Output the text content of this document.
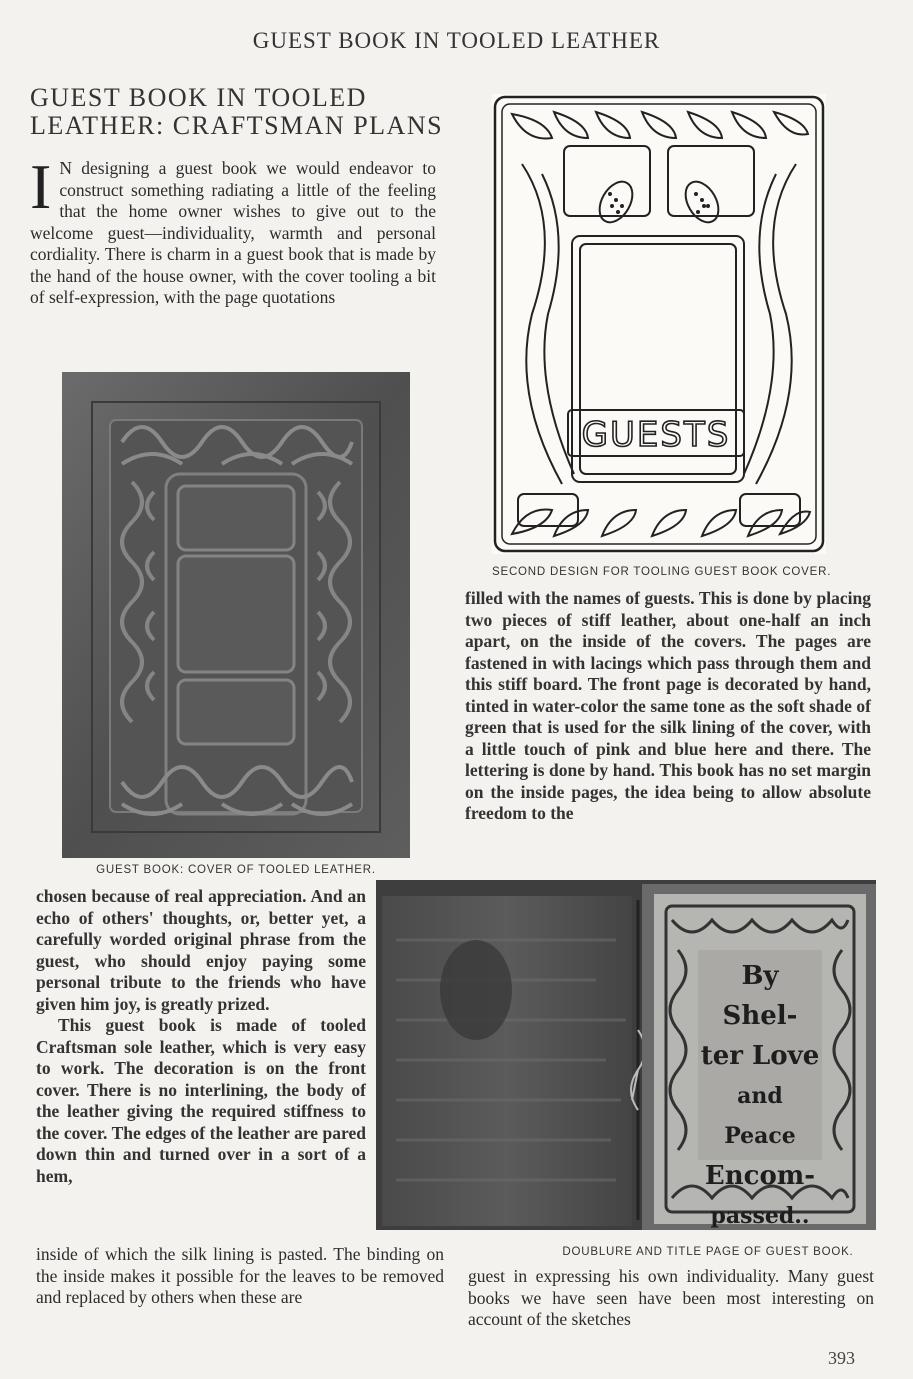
GUEST BOOK IN TOOLED LEATHER
GUEST BOOK IN TOOLED
LEATHER: CRAFTSMAN PLANS
I N designing a guest book we would endeavor to construct something radiating a little of the feeling that the home owner wishes to give out to the welcome guest—individuality, warmth and personal cordiality. There is charm in a guest book that is made by the hand of the house owner, with the cover tooling a bit of self-expression, with the page quotations
GUEST BOOK: COVER OF TOOLED LEATHER.
GUESTS
SECOND DESIGN FOR TOOLING GUEST BOOK COVER.
filled with the names of guests. This is done by placing two pieces of stiff leather, about one-half an inch apart, on the inside of the covers. The pages are fastened in with lacings which pass through them and this stiff board. The front page is decorated by hand, tinted in water-color the same tone as the soft shade of green that is used for the silk lining of the cover, with a little touch of pink and blue here and there. The lettering is done by hand. This book has no set margin on the inside pages, the idea being to allow absolute freedom to the

chosen because of real appreciation. And an echo of others' thoughts, or, better yet, a carefully worded original phrase from the guest, who should enjoy paying some personal tribute to the friends who have given him joy, is greatly prized.

This guest book is made of tooled Craftsman sole leather, which is very easy to work. The decoration is on the front cover. There is no interlining, the body of the leather giving the required stiffness to the cover. The edges of the leather are pared down thin and turned over in a sort of a hem,

By Shel-
ter Love
and Peace
Encom-
passed..
DOUBLURE AND TITLE PAGE OF GUEST BOOK.
inside of which the silk lining is pasted. The binding on the inside makes it possible for the leaves to be removed and replaced by others when these are
guest in expressing his own individuality. Many guest books we have seen have been most interesting on account of the sketches
393
